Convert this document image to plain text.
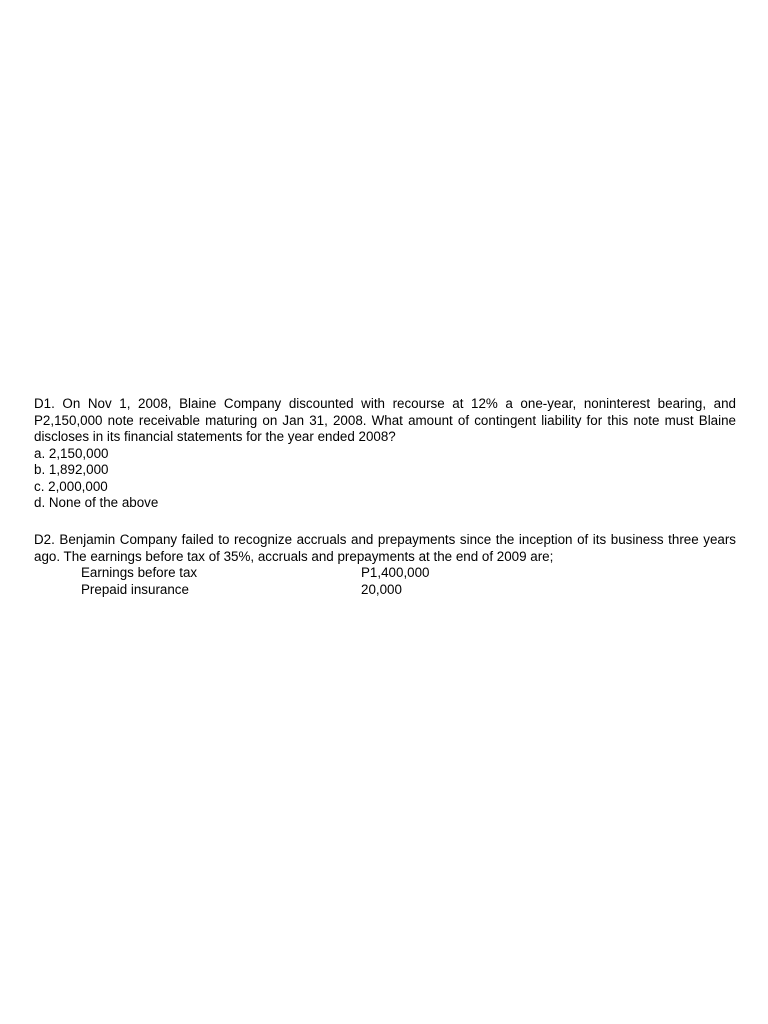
D1. On Nov 1, 2008, Blaine Company discounted with recourse at 12% a one-year, noninterest bearing, and P2,150,000 note receivable maturing on Jan 31, 2008. What amount of contingent liability for this note must Blaine discloses in its financial statements for the year ended 2008?

a. 2,150,000
b. 1,892,000
c. 2,000,000
d. None of the above

D2. Benjamin Company failed to recognize accruals and prepayments since the inception of its business three years ago. The earnings before tax of 35%, accruals and prepayments at the end of 2009 are;

Earnings before tax	P1,400,000
Prepaid insurance	20,000
